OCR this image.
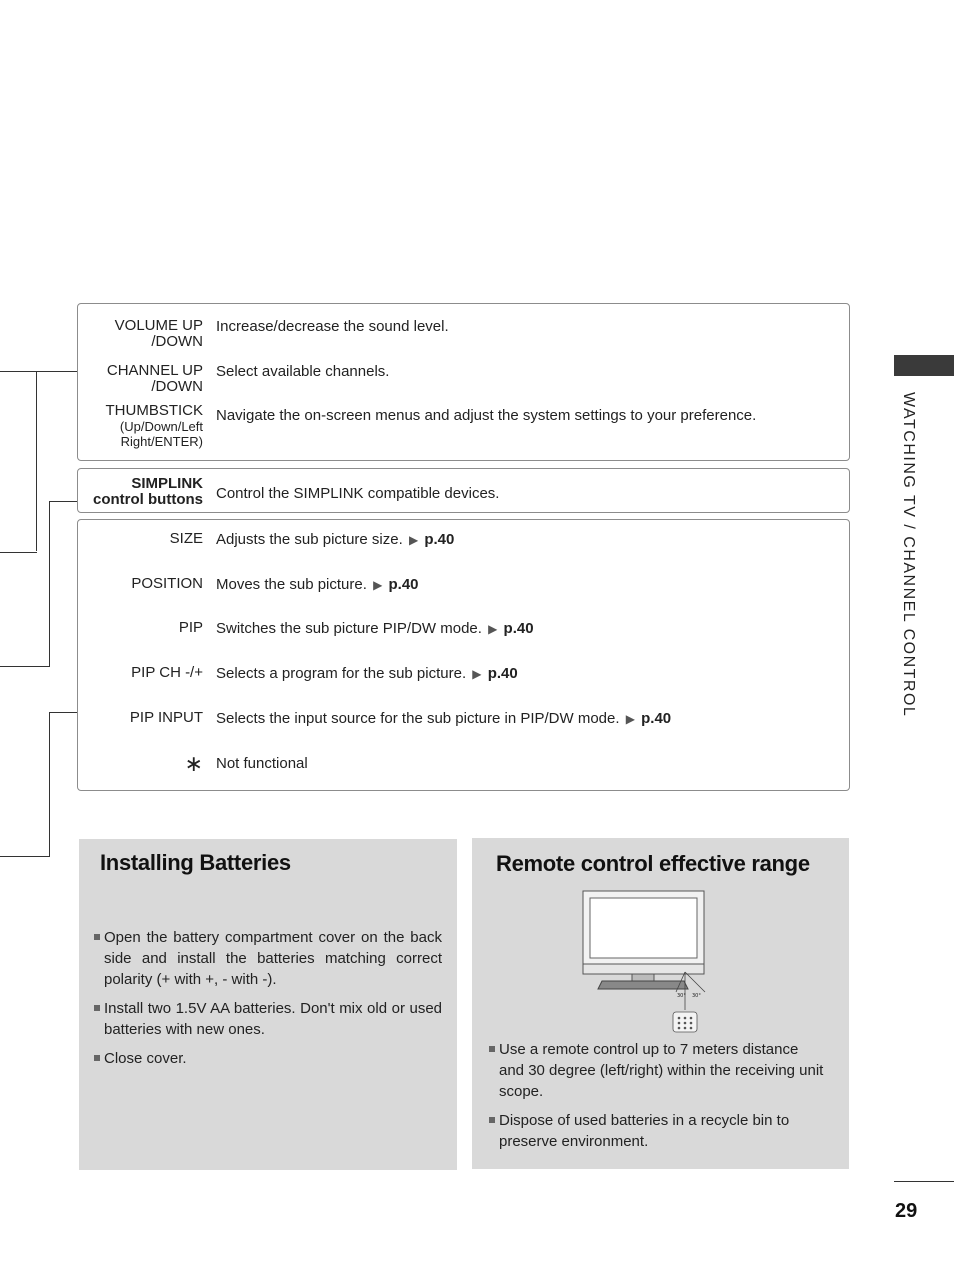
VOLUME UP
/DOWN
Increase/decrease the sound level.
CHANNEL UP
/DOWN
Select available channels.
THUMBSTICK
(Up/Down/Left
Right/ENTER)
Navigate the on-screen menus and adjust the system settings to your preference.
SIMPLINK
control buttons Control the SIMPLINK compatible devices.
SIZE Adjusts the sub picture size. ▶ p.40
POSITION Moves the sub picture. ▶ p.40
PIP Switches the sub picture PIP/DW mode. ▶ p.40
PIP CH -/+ Selects a program for the sub picture. ▶ p.40
PIP INPUT Selects the input source for the sub picture in PIP/DW mode. ▶ p.40
∗ Not functional
Installing Batteries
Open the battery compartment cover on the back side and install the batteries matching correct polarity (+ with +, - with -).
Install two 1.5V AA batteries. Don't mix old or used batteries with new ones.
Close cover.
Remote control effective range
30° 30°
Use a remote control up to 7 meters distance and 30 degree (left/right) within the receiving unit scope.
Dispose of used batteries in a recycle bin to preserve environment.
WATCHING TV / CHANNEL CONTROL
29
